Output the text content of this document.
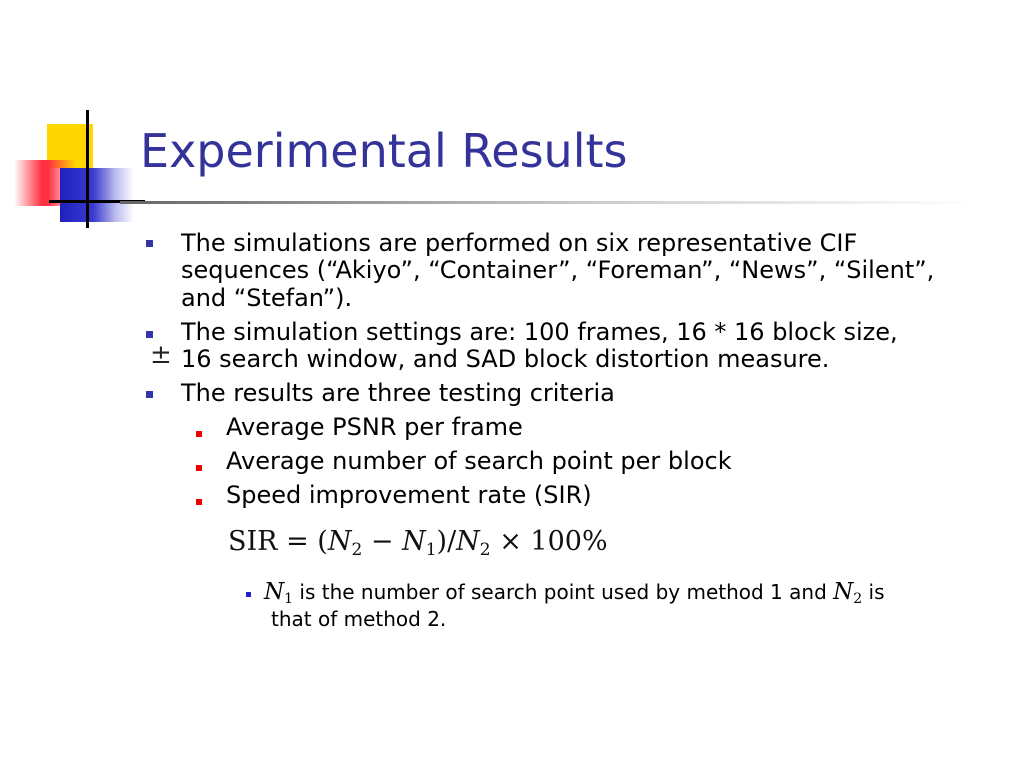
Experimental Results
The simulations are performed on six representative CIF
sequences (“Akiyo”, “Container”, “Foreman”, “News”, “Silent”,
and “Stefan”).
The simulation settings are: 100 frames, 16 * 16 block size,
± 16 search window, and SAD block distortion measure.
The results are three testing criteria
Average PSNR per frame
Average number of search point per block
Speed improvement rate (SIR)
SIR = $(N_2 - N_1)/N_2 \times 100\%$
$N_1$ is the number of search point used by method 1 and $N_2$ is
that of method 2.
